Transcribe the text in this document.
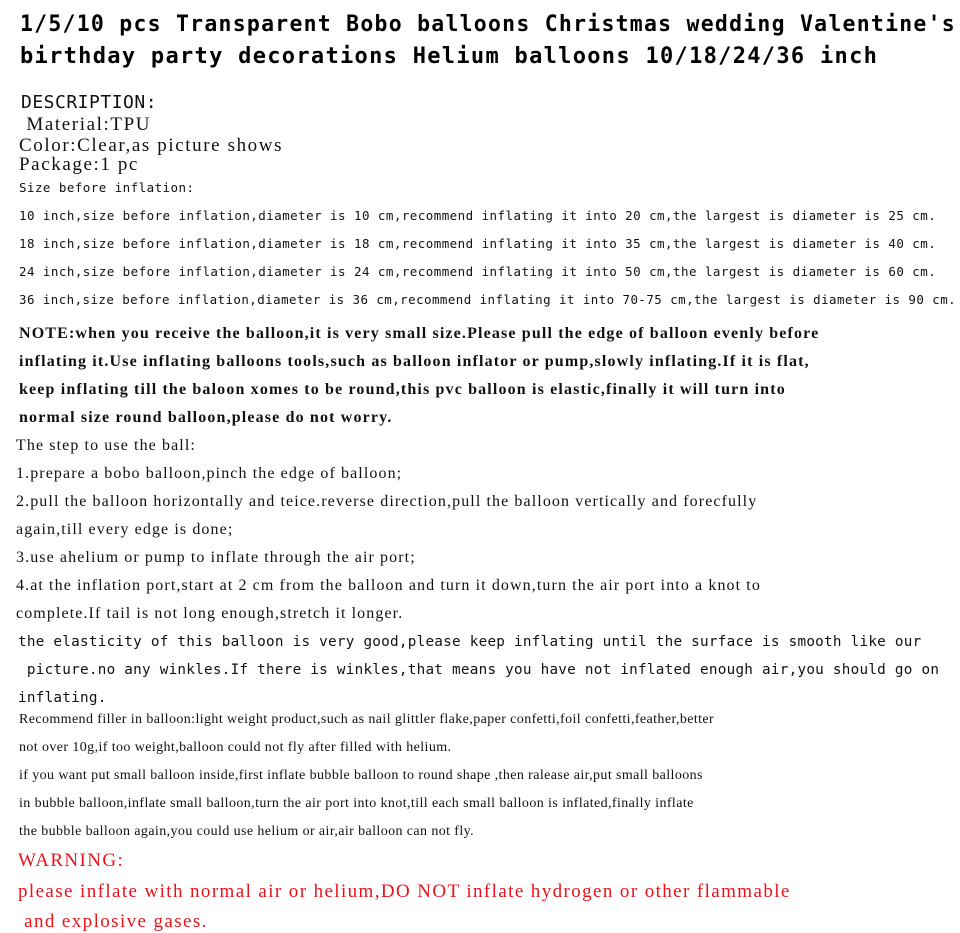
1/5/10 pcs Transparent Bobo balloons Christmas wedding Valentine's
birthday party decorations Helium balloons 10/18/24/36 inch
DESCRIPTION:
Material:TPU
Color:Clear,as picture shows
Package:1 pc
Size before inflation:
10 inch,size before inflation,diameter is 10 cm,recommend inflating it into 20 cm,the largest is diameter is 25 cm.
18 inch,size before inflation,diameter is 18 cm,recommend inflating it into 35 cm,the largest is diameter is 40 cm.
24 inch,size before inflation,diameter is 24 cm,recommend inflating it into 50 cm,the largest is diameter is 60 cm.
36 inch,size before inflation,diameter is 36 cm,recommend inflating it into 70-75 cm,the largest is diameter is 90 cm.
NOTE:when you receive the balloon,it is very small size.Please pull the edge of balloon evenly before
inflating it.Use inflating balloons tools,such as balloon inflator or pump,slowly inflating.If it is flat,
keep inflating till the baloon xomes to be round,this pvc balloon is elastic,finally it will turn into
normal size round balloon,please do not worry.
The step to use the ball:
1.prepare a bobo balloon,pinch the edge of balloon;
2.pull the balloon horizontally and teice.reverse direction,pull the balloon vertically and forecfully
again,till every edge is done;
3.use ahelium or pump to inflate through the air port;
4.at the inflation port,start at 2 cm from the balloon and turn it down,turn the air port into a knot to
complete.If tail is not long enough,stretch it longer.
the elasticity of this balloon is very good,please keep inflating until the surface is smooth like our
picture.no any winkles.If there is winkles,that means you have not inflated enough air,you should go on
inflating.
Recommend filler in balloon:light weight product,such as nail glittler flake,paper confetti,foil confetti,feather,better
not over 10g,if too weight,balloon could not fly after filled with helium.
if you want put small balloon inside,first inflate bubble balloon to round shape ,then ralease air,put small balloons
in bubble balloon,inflate small balloon,turn the air port into knot,till each small balloon is inflated,finally inflate
the bubble balloon again,you could use helium or air,air balloon can not fly.
WARNING:
please inflate with normal air or helium,DO NOT inflate hydrogen or other flammable
and explosive gases.
